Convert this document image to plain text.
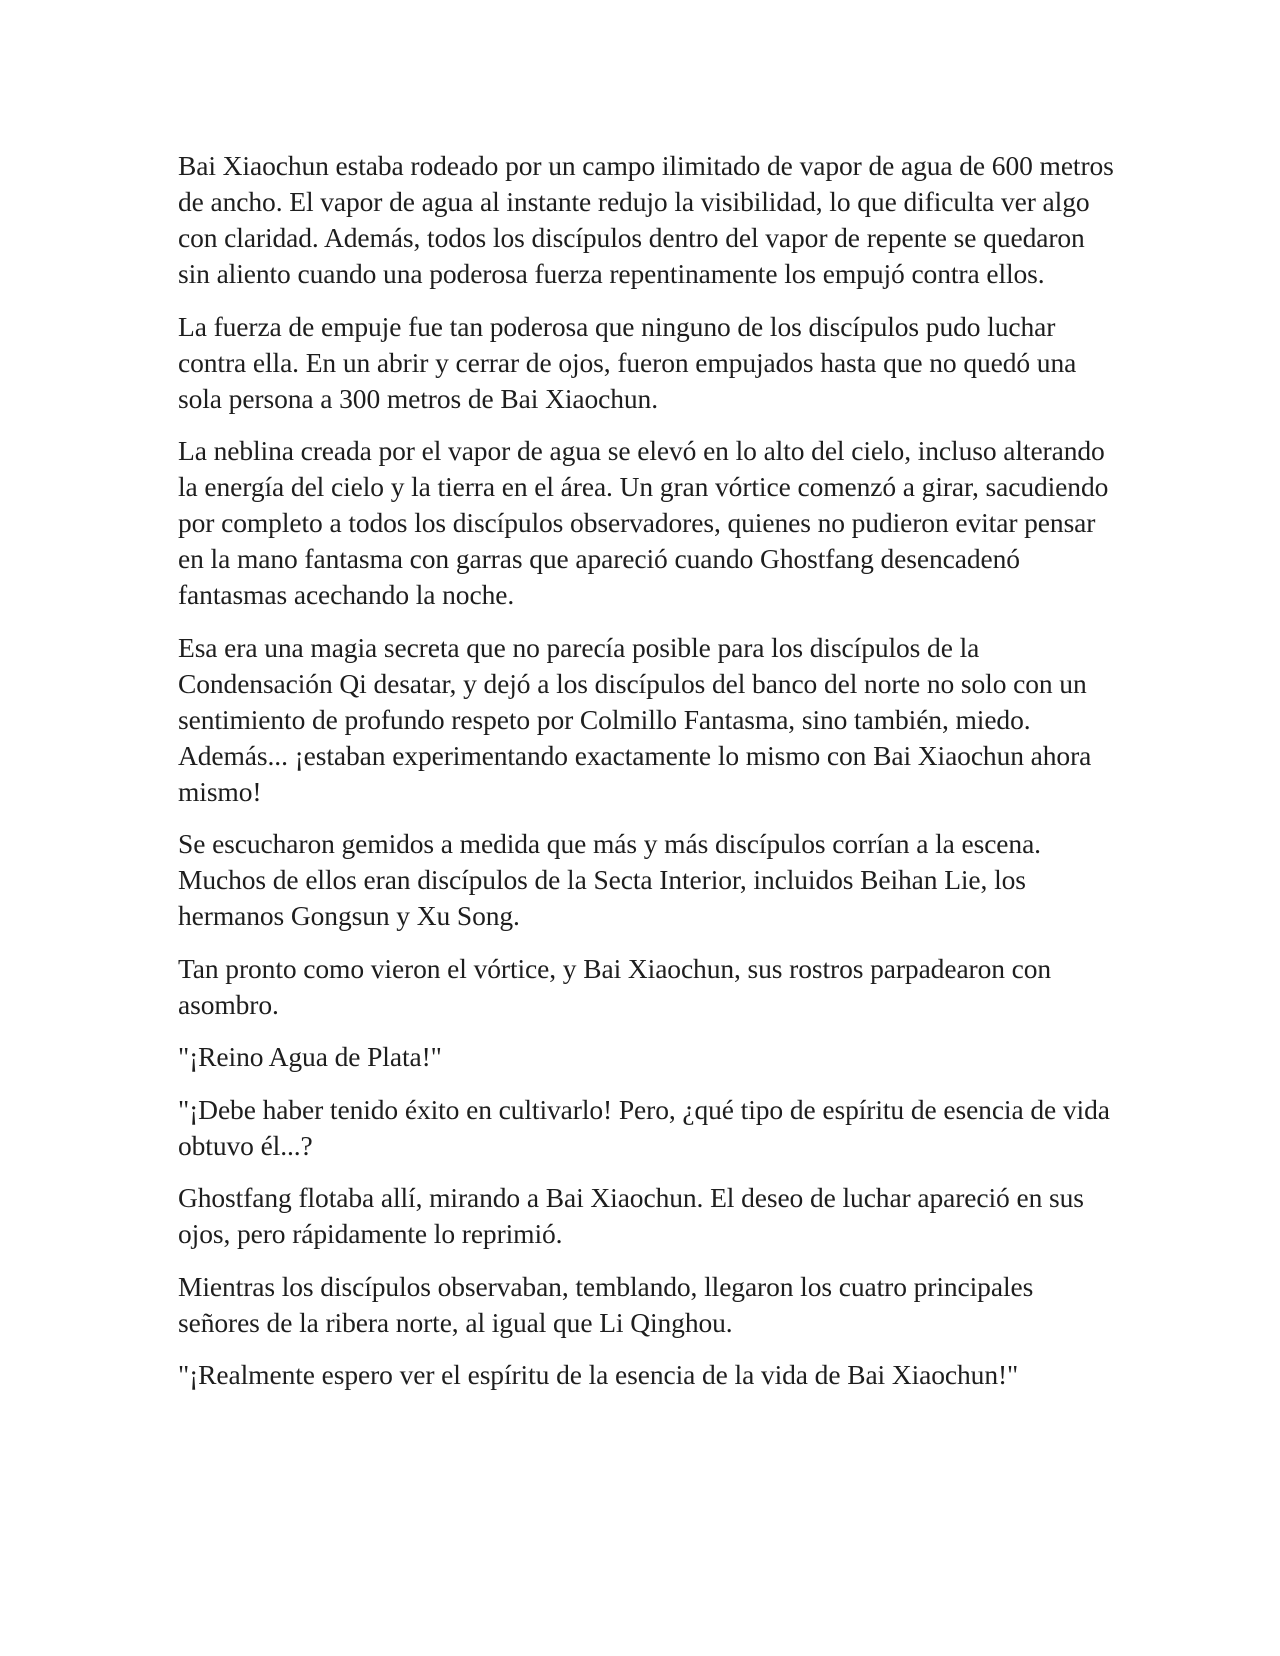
Bai Xiaochun estaba rodeado por un campo ilimitado de vapor de agua de 600 metros de ancho. El vapor de agua al instante redujo la visibilidad, lo que dificulta ver algo con claridad. Además, todos los discípulos dentro del vapor de repente se quedaron sin aliento cuando una poderosa fuerza repentinamente los empujó contra ellos.

La fuerza de empuje fue tan poderosa que ninguno de los discípulos pudo luchar contra ella. En un abrir y cerrar de ojos, fueron empujados hasta que no quedó una sola persona a 300 metros de Bai Xiaochun.

La neblina creada por el vapor de agua se elevó en lo alto del cielo, incluso alterando la energía del cielo y la tierra en el área. Un gran vórtice comenzó a girar, sacudiendo por completo a todos los discípulos observadores, quienes no pudieron evitar pensar en la mano fantasma con garras que apareció cuando Ghostfang desencadenó fantasmas acechando la noche.

Esa era una magia secreta que no parecía posible para los discípulos de la Condensación Qi desatar, y dejó a los discípulos del banco del norte no solo con un sentimiento de profundo respeto por Colmillo Fantasma, sino también, miedo. Además... ¡estaban experimentando exactamente lo mismo con Bai Xiaochun ahora mismo!

Se escucharon gemidos a medida que más y más discípulos corrían a la escena. Muchos de ellos eran discípulos de la Secta Interior, incluidos Beihan Lie, los hermanos Gongsun y Xu Song.

Tan pronto como vieron el vórtice, y Bai Xiaochun, sus rostros parpadearon con asombro.

"¡Reino Agua de Plata!"

"¡Debe haber tenido éxito en cultivarlo! Pero, ¿qué tipo de espíritu de esencia de vida obtuvo él...?

Ghostfang flotaba allí, mirando a Bai Xiaochun. El deseo de luchar apareció en sus ojos, pero rápidamente lo reprimió.

Mientras los discípulos observaban, temblando, llegaron los cuatro principales señores de la ribera norte, al igual que Li Qinghou.

"¡Realmente espero ver el espíritu de la esencia de la vida de Bai Xiaochun!"
